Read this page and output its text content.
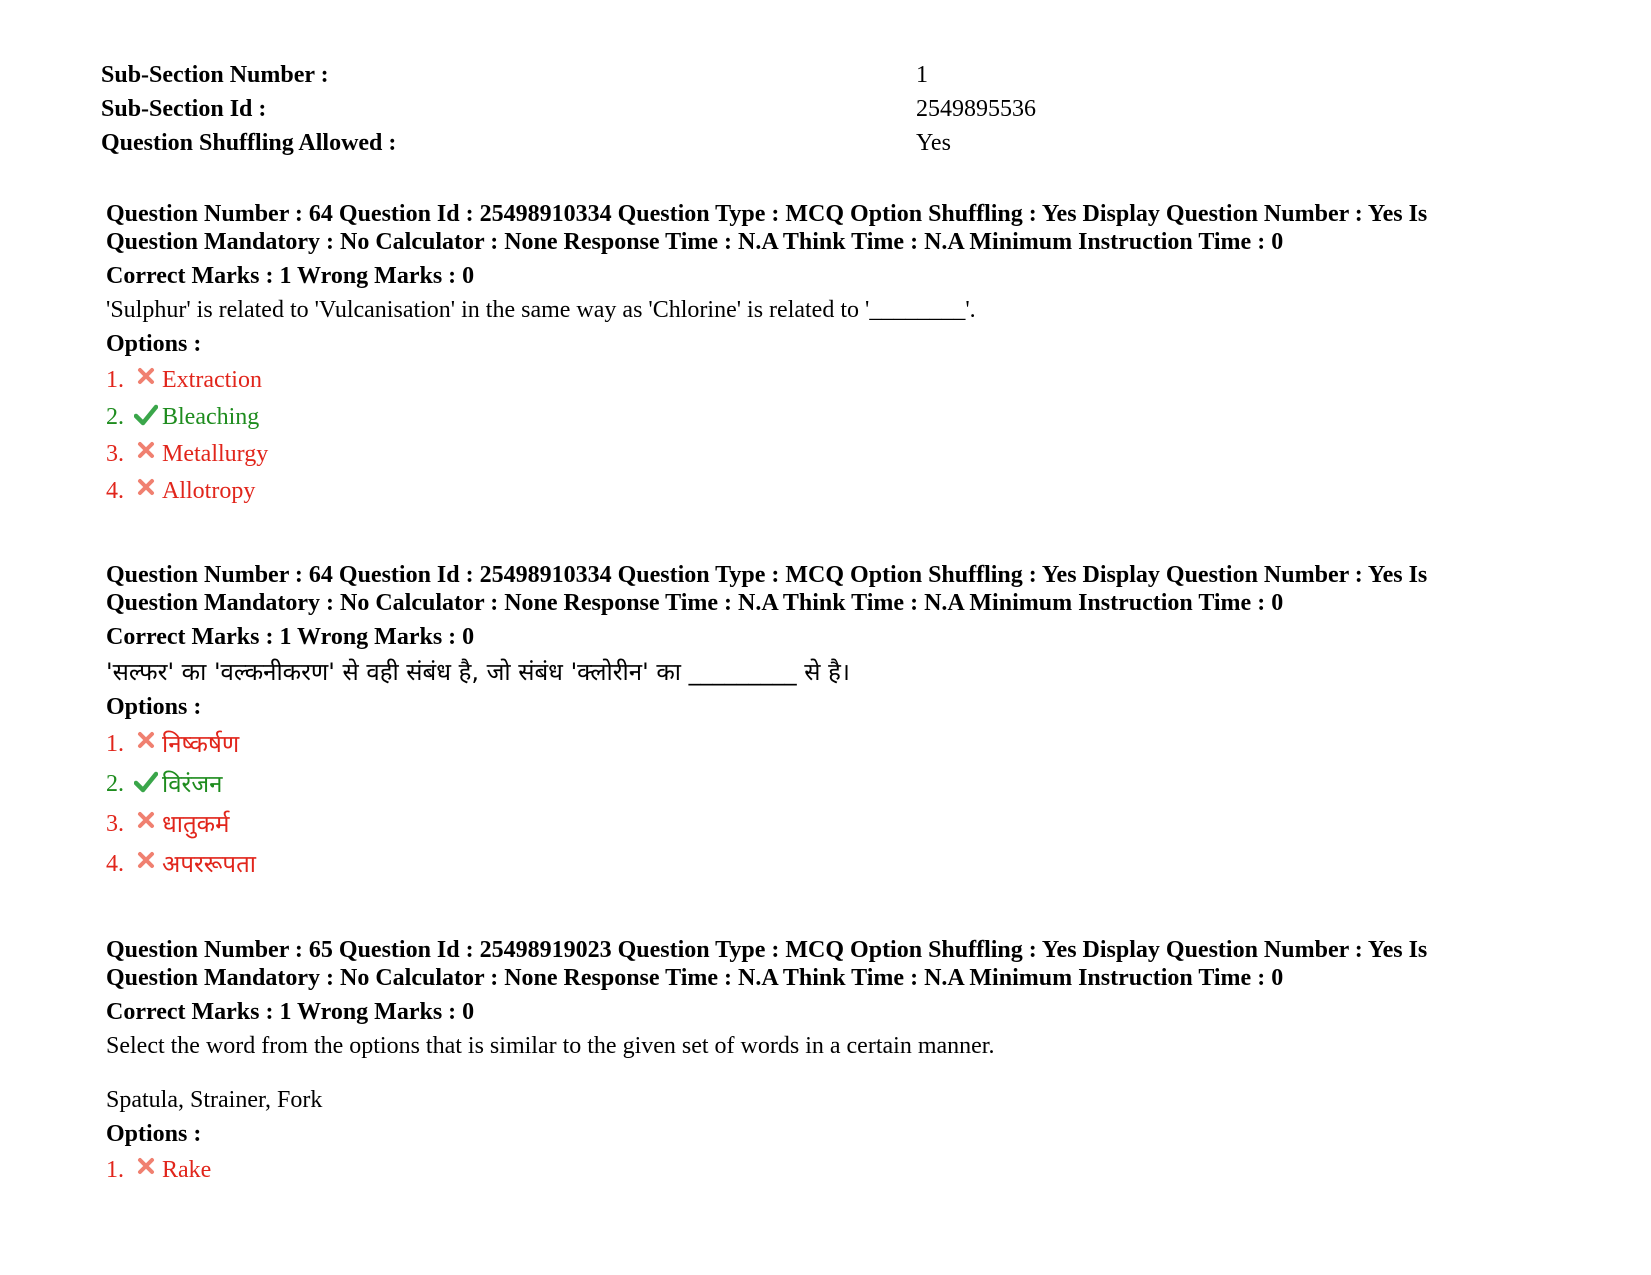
Sub-Section Number :	1
Sub-Section Id :	2549895536
Question Shuffling Allowed :	Yes
Question Number : 64 Question Id : 25498910334 Question Type : MCQ Option Shuffling : Yes Display Question Number : Yes Is
Question Mandatory : No Calculator : None Response Time : N.A Think Time : N.A Minimum Instruction Time : 0
Correct Marks : 1 Wrong Marks : 0
'Sulphur' is related to 'Vulcanisation' in the same way as 'Chlorine' is related to '________'.
Options :
1.	Extraction
2.	Bleaching
3.	Metallurgy
4.	Allotropy
Question Number : 64 Question Id : 25498910334 Question Type : MCQ Option Shuffling : Yes Display Question Number : Yes Is
Question Mandatory : No Calculator : None Response Time : N.A Think Time : N.A Minimum Instruction Time : 0
Correct Marks : 1 Wrong Marks : 0
'सल्फर' का 'वल्कनीकरण' से वही संबंध है, जो संबंध 'क्लोरीन' का _________ से है।
Options :
1.	निष्कर्षण
2.	विरंजन
3.	धातुकर्म
4.	अपररूपता
Question Number : 65 Question Id : 25498919023 Question Type : MCQ Option Shuffling : Yes Display Question Number : Yes Is
Question Mandatory : No Calculator : None Response Time : N.A Think Time : N.A Minimum Instruction Time : 0
Correct Marks : 1 Wrong Marks : 0
Select the word from the options that is similar to the given set of words in a certain manner.
Spatula, Strainer, Fork
Options :
1.	Rake
